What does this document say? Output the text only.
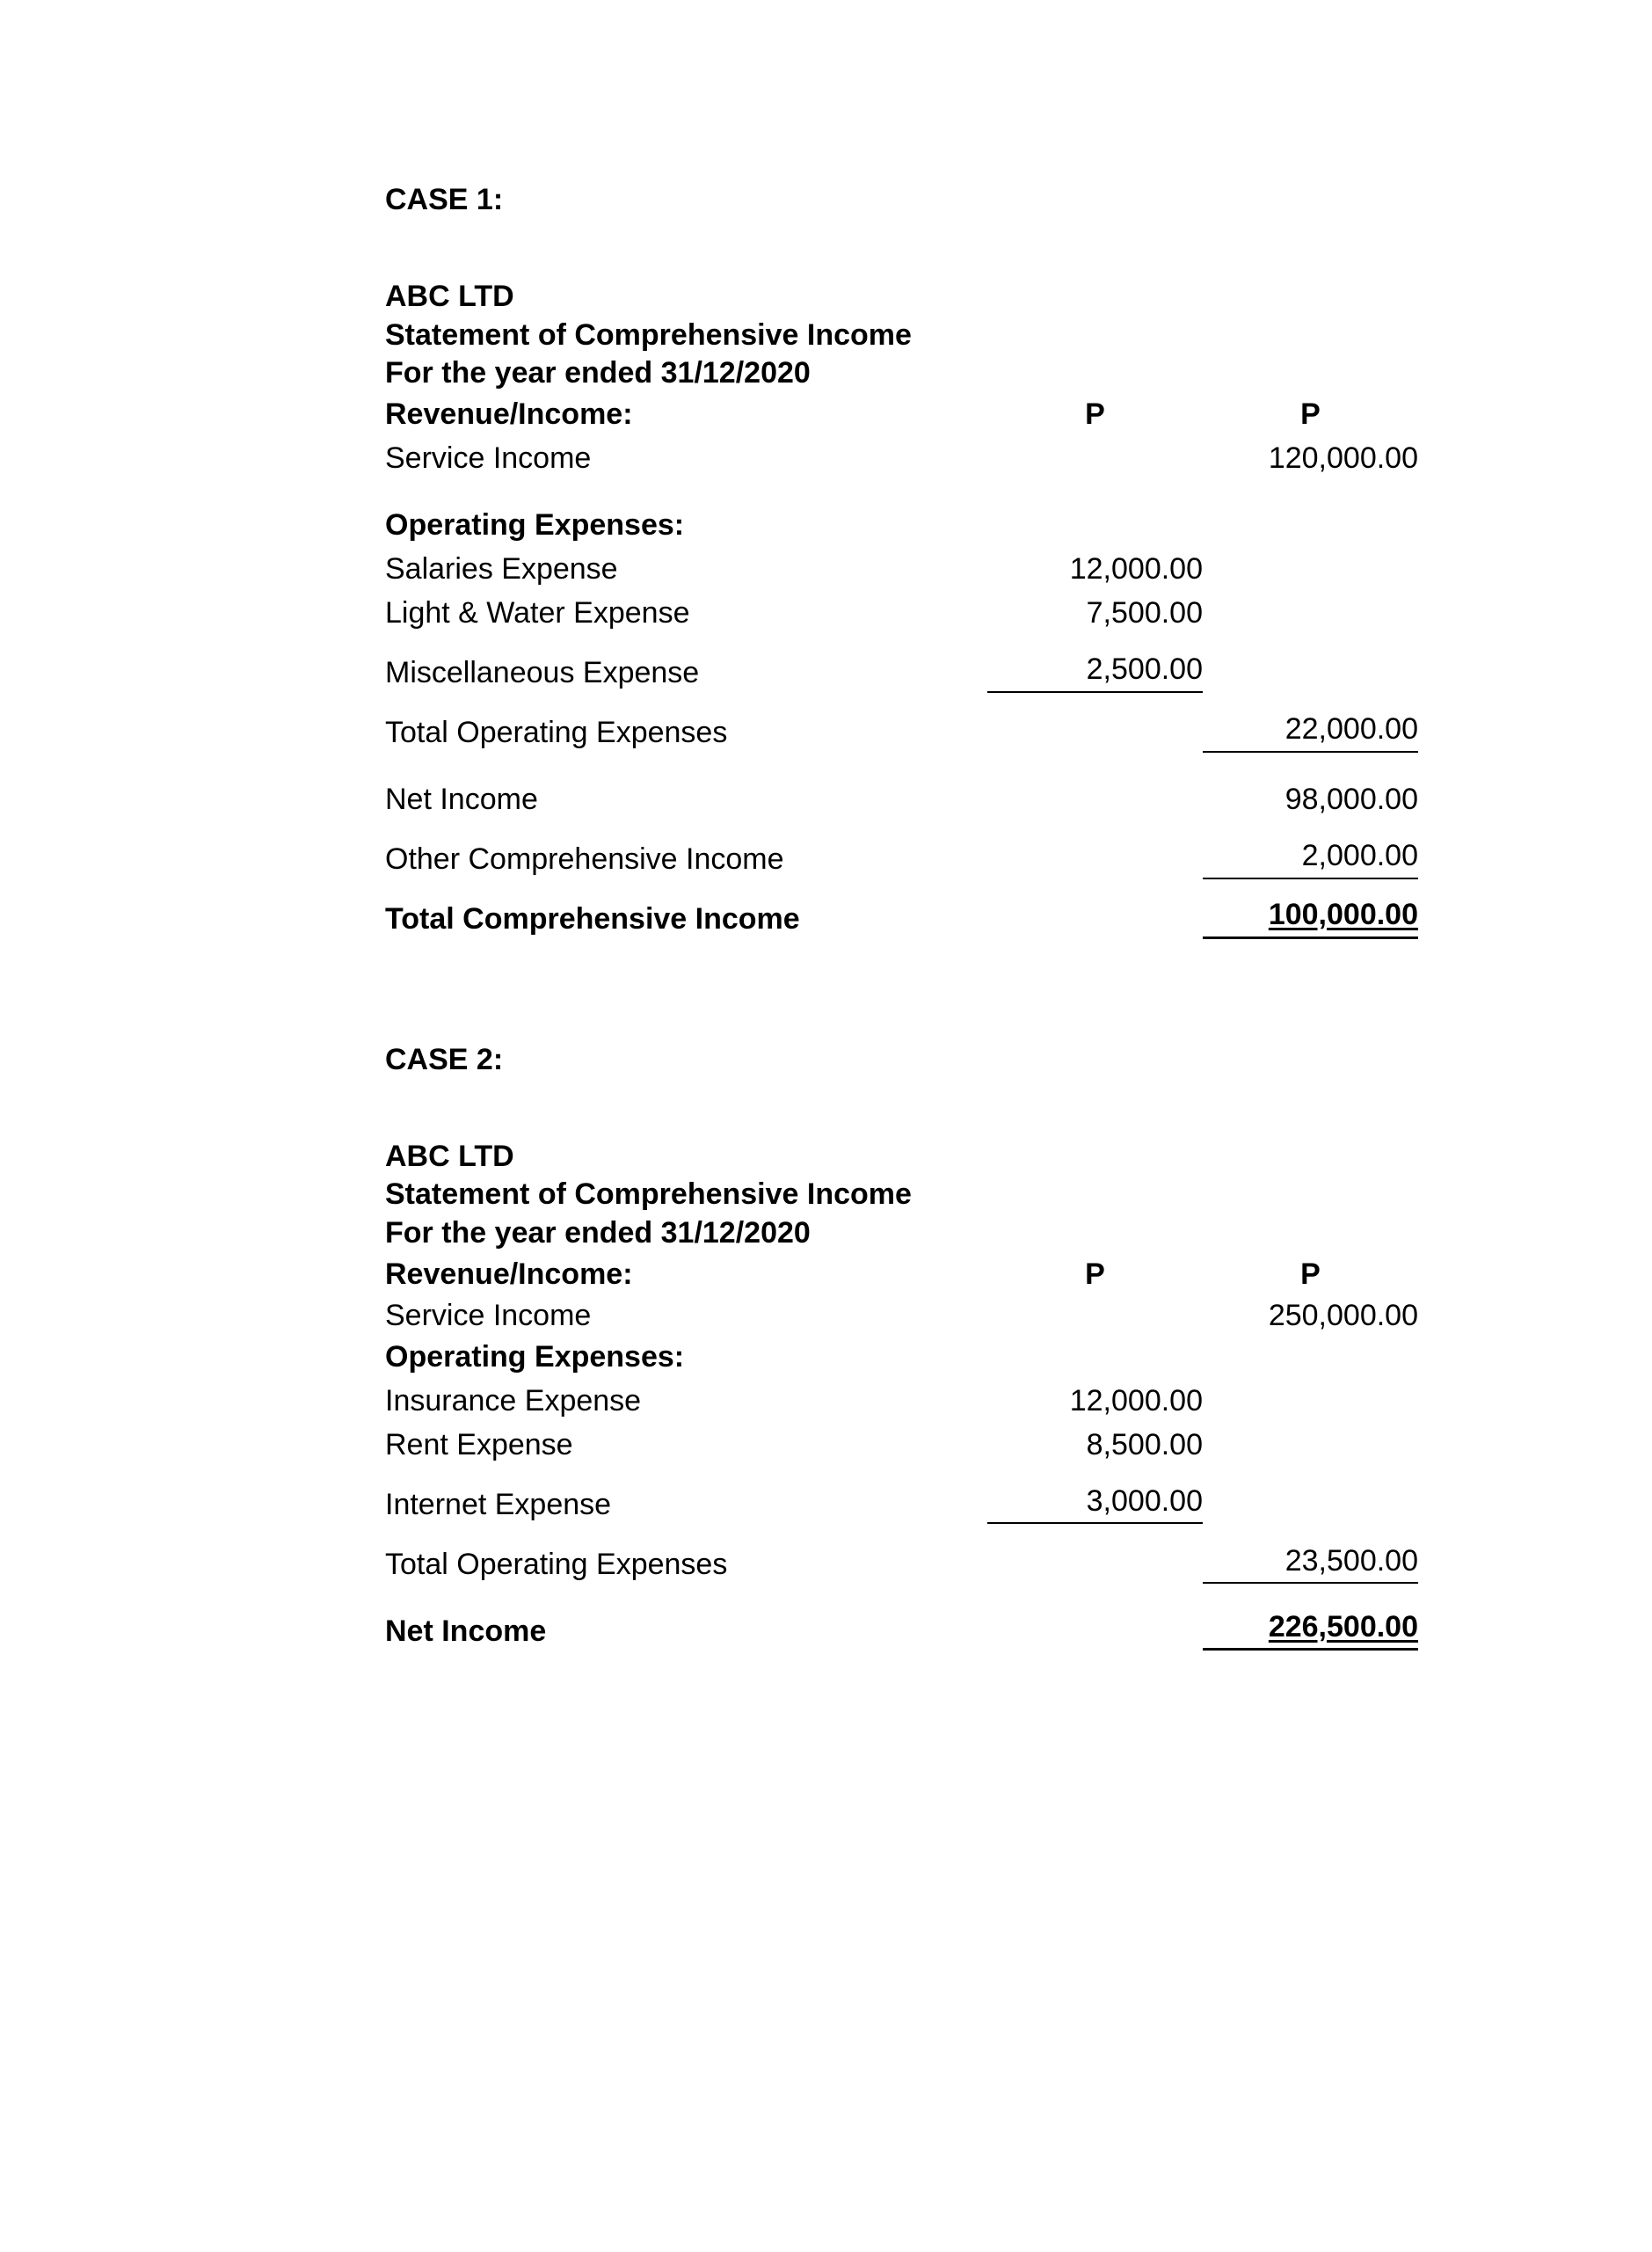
CASE 1:
ABC LTD
Statement of Comprehensive Income
For the year ended 31/12/2020
Revenue/Income:	P	P
Service Income		120,000.00

Operating Expenses:	

Salaries Expense	12,000.00	

Light & Water Expense	7,500.00	

Miscellaneous Expense	2,500.00	

Total Operating Expenses		22,000.00

Net Income		98,000.00

Other Comprehensive Income		2,000.00

Total Comprehensive Income		100,000.00
CASE 2:
ABC LTD
Statement of Comprehensive Income
For the year ended 31/12/2020
Revenue/Income:	P	P
Service Income		250,000.00

Operating Expenses:	

Insurance Expense	12,000.00	

Rent Expense	8,500.00	

Internet Expense	3,000.00	

Total Operating Expenses		23,500.00

Net Income		226,500.00
